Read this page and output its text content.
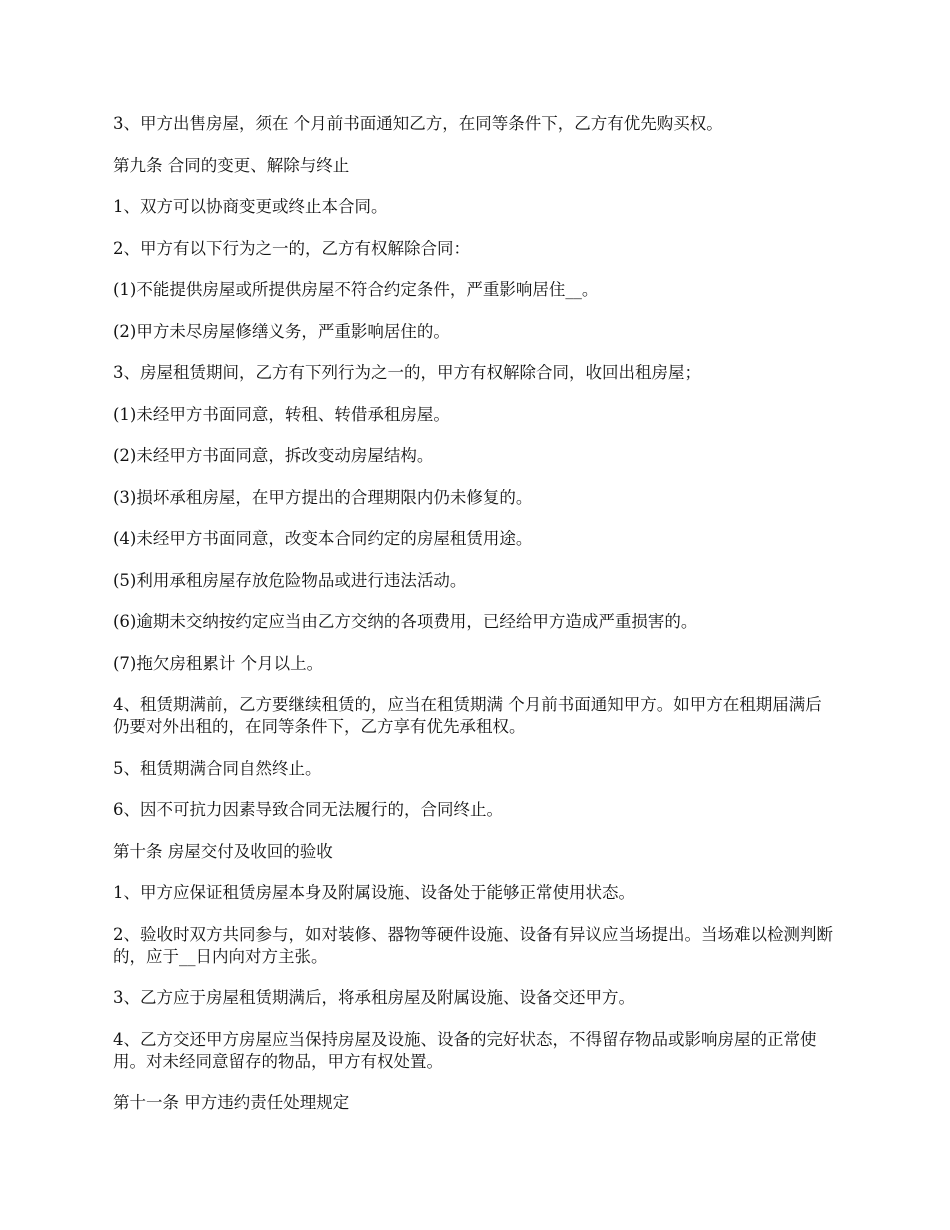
3、甲方出售房屋，须在 个月前书面通知乙方，在同等条件下，乙方有优先购买权。

第九条 合同的变更、解除与终止

1、双方可以协商变更或终止本合同。

2、甲方有以下行为之一的，乙方有权解除合同：

(1)不能提供房屋或所提供房屋不符合约定条件，严重影响居住__。

(2)甲方未尽房屋修缮义务，严重影响居住的。

3、房屋租赁期间，乙方有下列行为之一的，甲方有权解除合同，收回出租房屋；

(1)未经甲方书面同意，转租、转借承租房屋。

(2)未经甲方书面同意，拆改变动房屋结构。

(3)损坏承租房屋，在甲方提出的合理期限内仍未修复的。

(4)未经甲方书面同意，改变本合同约定的房屋租赁用途。

(5)利用承租房屋存放危险物品或进行违法活动。

(6)逾期未交纳按约定应当由乙方交纳的各项费用，已经给甲方造成严重损害的。

(7)拖欠房租累计 个月以上。

4、租赁期满前，乙方要继续租赁的，应当在租赁期满 个月前书面通知甲方。如甲方在租期届满后仍要对外出租的，在同等条件下，乙方享有优先承租权。

5、租赁期满合同自然终止。

6、因不可抗力因素导致合同无法履行的，合同终止。

第十条 房屋交付及收回的验收

1、甲方应保证租赁房屋本身及附属设施、设备处于能够正常使用状态。

2、验收时双方共同参与，如对装修、器物等硬件设施、设备有异议应当场提出。当场难以检测判断的，应于__日内向对方主张。

3、乙方应于房屋租赁期满后，将承租房屋及附属设施、设备交还甲方。

4、乙方交还甲方房屋应当保持房屋及设施、设备的完好状态，不得留存物品或影响房屋的正常使用。对未经同意留存的物品，甲方有权处置。

第十一条 甲方违约责任处理规定
